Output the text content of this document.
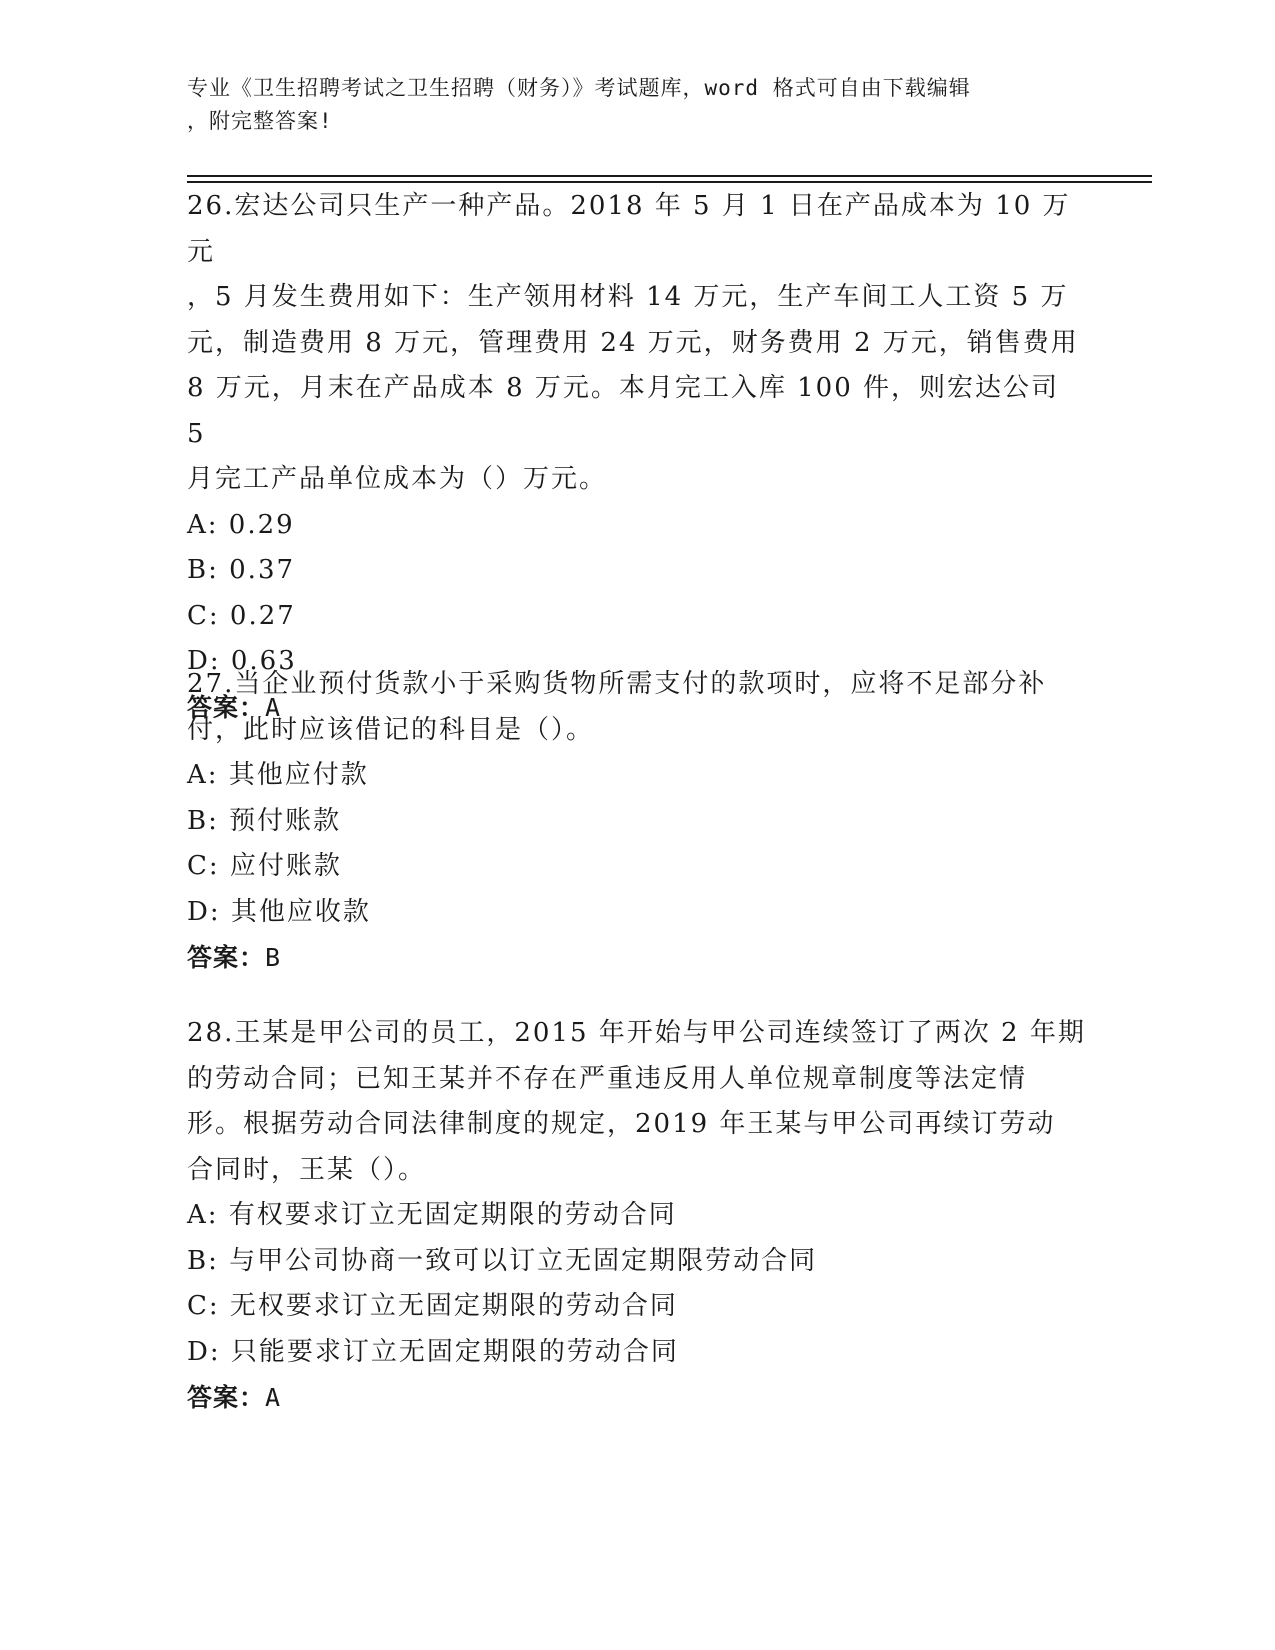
专业《卫生招聘考试之卫生招聘（财务）》考试题库，word 格式可自由下载编辑
，附完整答案!
26.宏达公司只生产一种产品。2018 年 5 月 1 日在产品成本为 10 万元
，5 月发生费用如下：生产领用材料 14 万元，生产车间工人工资 5 万
元，制造费用 8 万元，管理费用 24 万元，财务费用 2 万元，销售费用
8 万元，月末在产品成本 8 万元。本月完工入库 100 件，则宏达公司 5
月完工产品单位成本为（）万元。
A: 0.29
B: 0.37
C: 0.27
D: 0.63
答案：A
27.当企业预付货款小于采购货物所需支付的款项时，应将不足部分补
付，此时应该借记的科目是（）。
A: 其他应付款
B: 预付账款
C: 应付账款
D: 其他应收款
答案：B
28.王某是甲公司的员工，2015 年开始与甲公司连续签订了两次 2 年期
的劳动合同；已知王某并不存在严重违反用人单位规章制度等法定情
形。根据劳动合同法律制度的规定，2019 年王某与甲公司再续订劳动
合同时，王某（）。
A: 有权要求订立无固定期限的劳动合同
B: 与甲公司协商一致可以订立无固定期限劳动合同
C: 无权要求订立无固定期限的劳动合同
D: 只能要求订立无固定期限的劳动合同
答案：A
